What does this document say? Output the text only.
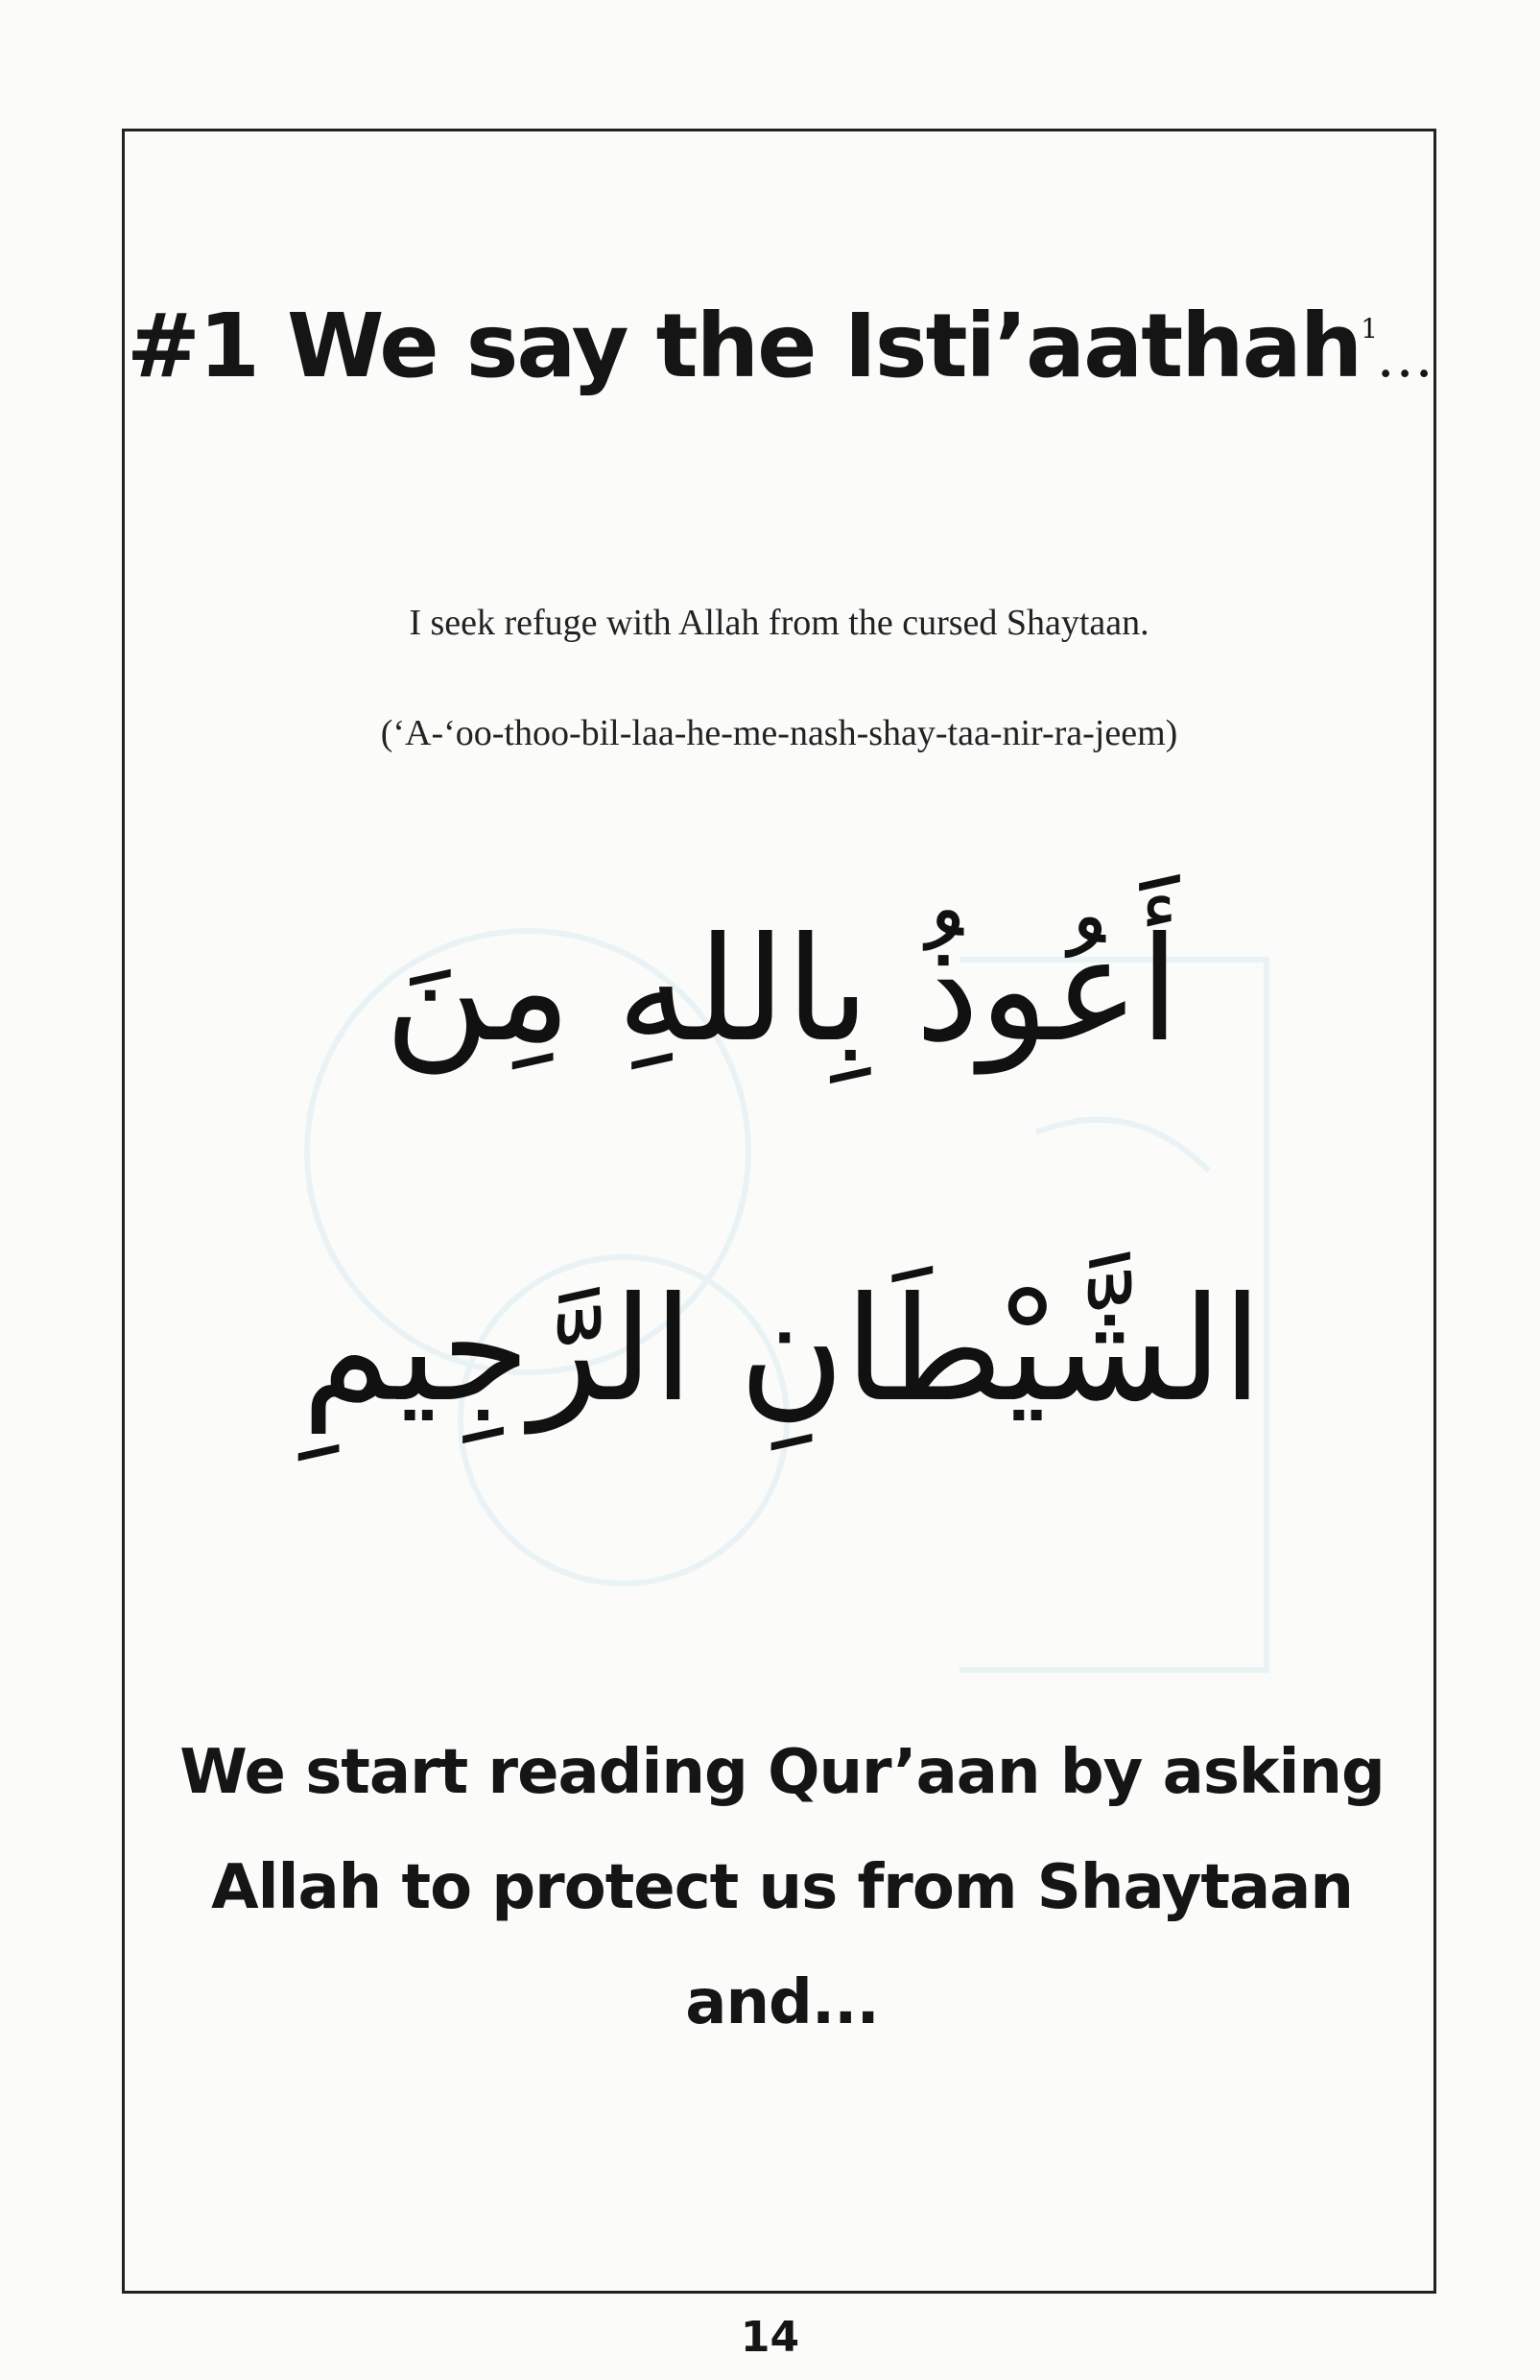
#1 We say the Isti’aathah$^1$…
I seek refuge with Allah from the cursed Shaytaan.
(‘A-‘oo-thoo-bil-laa-he-me-nash-shay-taa-nir-ra-jeem)
أَعُوذُ بِاللهِ مِنَ
الشَّيْطَانِ الرَّجِيمِ
We start reading Qur’aan by asking
Allah to protect us from Shaytaan
and...
14
